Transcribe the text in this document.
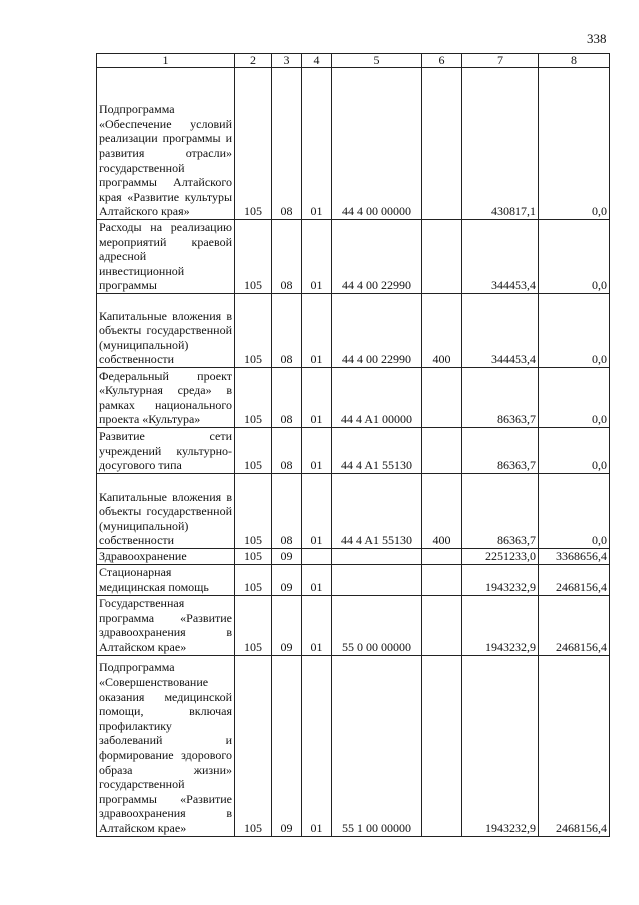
338
1	2	3	4	5	6	7	8

Подпрограмма «Обеспечение условий реализации программы и развития отрасли» государственной программы Алтайского края «Развитие культуры Алтайского края»	105	08	01	44 4 00 00000		430817,1	0,0

Расходы на реализацию мероприятий краевой адресной инвестиционной программы	105	08	01	44 4 00 22990		344453,4	0,0

Капитальные вложения в объекты государственной (муниципальной) собственности	105	08	01	44 4 00 22990	400	344453,4	0,0

Федеральный проект «Культурная среда» в рамках национального проекта «Культура»	105	08	01	44 4 A1 00000		86363,7	0,0

Развитие сети учреждений культурно-досугового типа	105	08	01	44 4 A1 55130		86363,7	0,0

Капитальные вложения в объекты государственной (муниципальной) собственности	105	08	01	44 4 A1 55130	400	86363,7	0,0

Здравоохранение	105	09				2251233,0	3368656,4

Стационарная медицинская помощь	105	09	01			1943232,9	2468156,4

Государственная программа «Развитие здравоохранения в Алтайском крае»	105	09	01	55 0 00 00000		1943232,9	2468156,4

Подпрограмма «Совершенствование оказания медицинской помощи, включая профилактику заболеваний и формирование здорового образа жизни» государственной программы «Развитие здравоохранения в Алтайском крае»	105	09	01	55 1 00 00000		1943232,9	2468156,4
